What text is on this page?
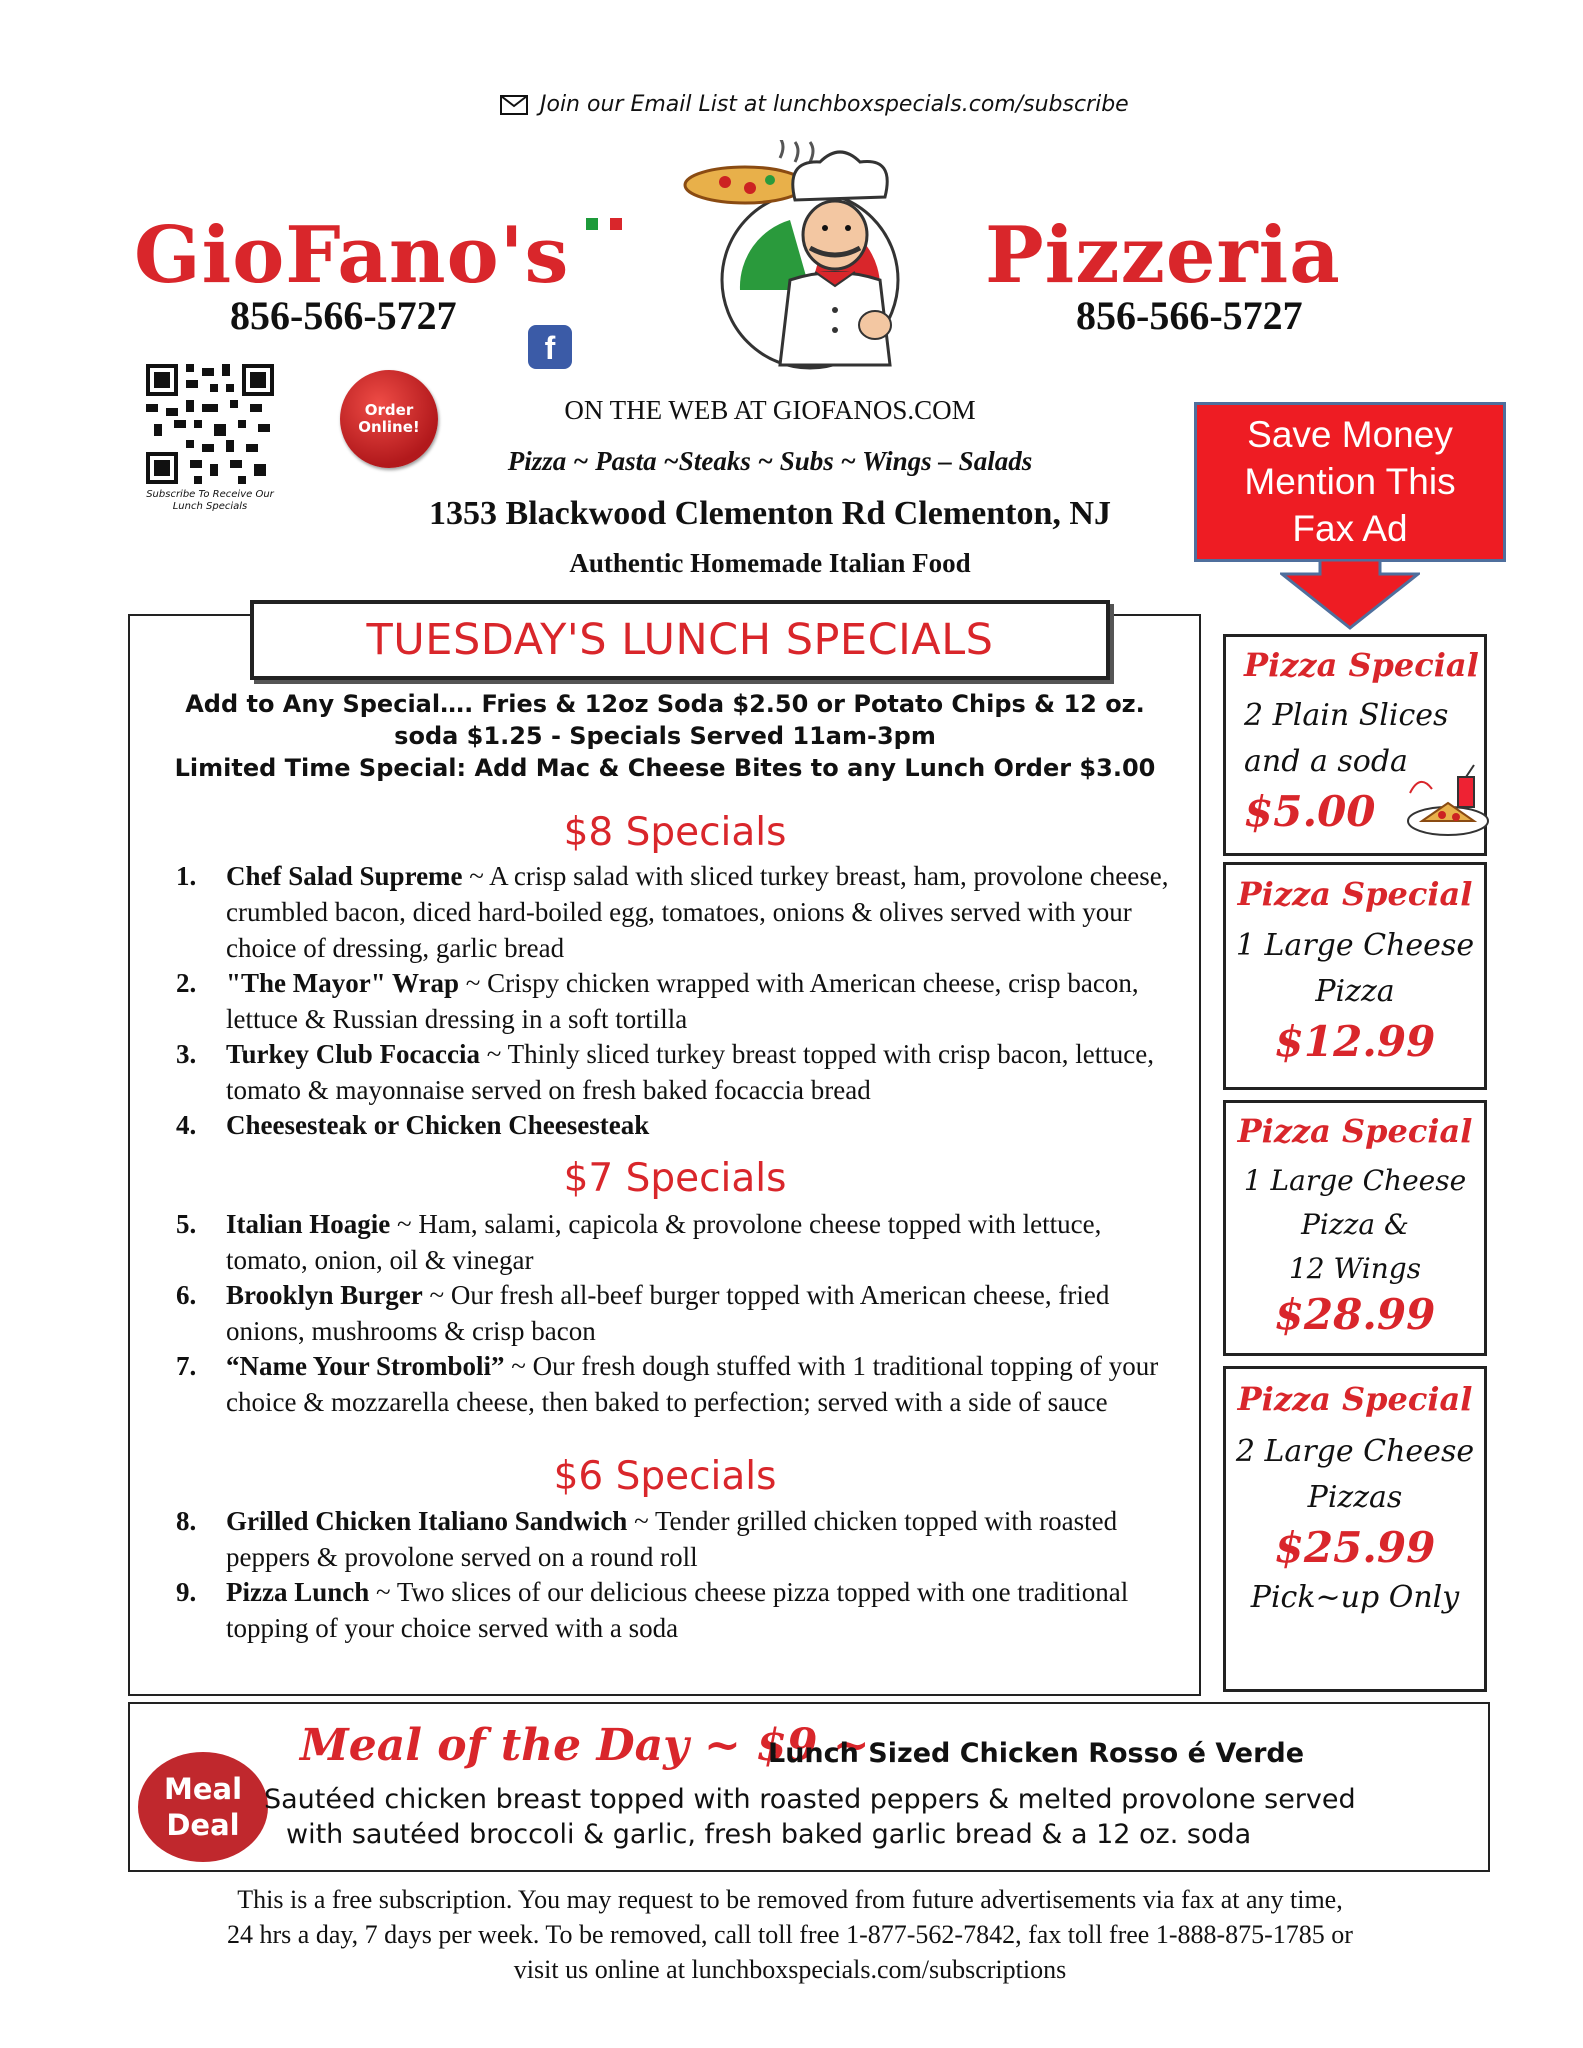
Join our Email List at lunchboxspecials.com/subscribe
GioFano's	Pizzeria
856-566-5727	856-566-5727
f
Subscribe To Receive Our Lunch Specials
Order Online!
ON THE WEB AT GIOFANOS.COM
Pizza ~ Pasta ~Steaks ~ Subs ~ Wings – Salads
1353 Blackwood Clementon Rd Clementon, NJ
Authentic Homemade Italian Food
Save Money
Mention This
Fax Ad
TUESDAY'S LUNCH SPECIALS
Add to Any Special…. Fries & 12oz Soda $2.50 or Potato Chips & 12 oz.
soda $1.25 - Specials Served 11am-3pm
Limited Time Special: Add Mac & Cheese Bites to any Lunch Order $3.00
$8 Specials
$7 Specials
$6 Specials
1.	Chef Salad Supreme ~ A crisp salad with sliced turkey breast, ham, provolone cheese, crumbled bacon, diced hard-boiled egg, tomatoes, onions & olives served with your choice of dressing, garlic bread
2.	"The Mayor" Wrap ~ Crispy chicken wrapped with American cheese, crisp bacon, lettuce & Russian dressing in a soft tortilla
3.	Turkey Club Focaccia ~ Thinly sliced turkey breast topped with crisp bacon, lettuce, tomato & mayonnaise served on fresh baked focaccia bread
4.	Cheesesteak or Chicken Cheesesteak
5.	Italian Hoagie ~ Ham, salami, capicola & provolone cheese topped with lettuce, tomato, onion, oil & vinegar
6.	Brooklyn Burger ~ Our fresh all-beef burger topped with American cheese, fried onions, mushrooms & crisp bacon
7.	“Name Your Stromboli” ~ Our fresh dough stuffed with 1 traditional topping of your choice & mozzarella cheese, then baked to perfection; served with a side of sauce
8.	Grilled Chicken Italiano Sandwich ~ Tender grilled chicken topped with roasted peppers & provolone served on a round roll
9.	Pizza Lunch ~ Two slices of our delicious cheese pizza topped with one traditional topping of your choice served with a soda
Pizza Special
2 Plain Slices
and a soda
$5.00
Pizza Special
1 Large Cheese
Pizza
$12.99
Pizza Special
1 Large Cheese
Pizza &
12 Wings
$28.99
Pizza Special
2 Large Cheese
Pizzas
$25.99
Pick~up Only
Meal
Deal
Meal of the Day ~ $9 ~
Lunch Sized Chicken Rosso é Verde
Sautéed chicken breast topped with roasted peppers & melted provolone served
with sautéed broccoli & garlic, fresh baked garlic bread & a 12 oz. soda
This is a free subscription. You may request to be removed from future advertisements via fax at any time,
24 hrs a day, 7 days per week. To be removed, call toll free 1-877-562-7842, fax toll free 1-888-875-1785 or
visit us online at lunchboxspecials.com/subscriptions
